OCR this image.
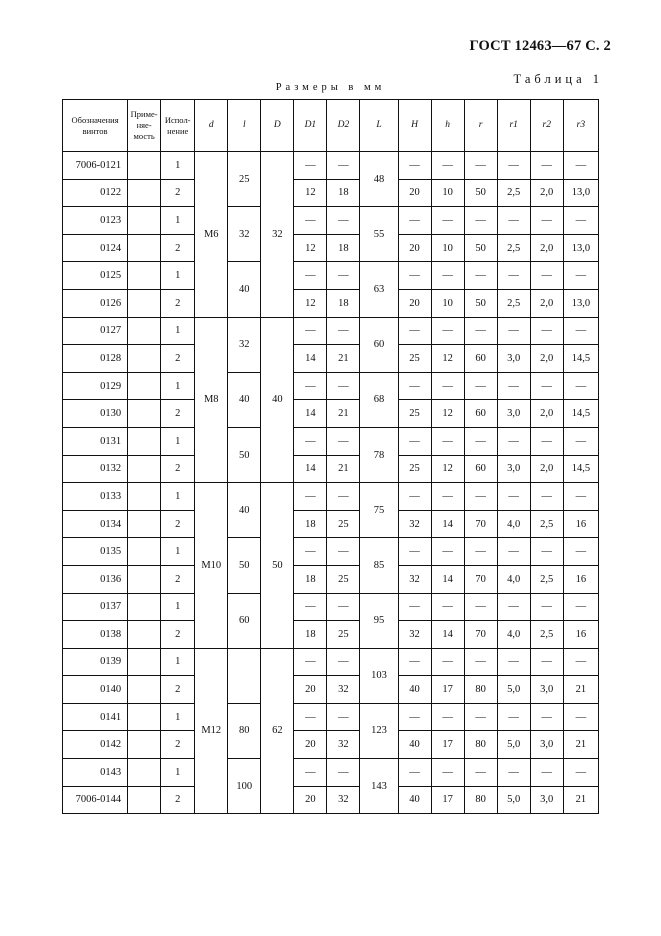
ГОСТ 12463—67 С. 2
Таблица 1
Размеры в мм
Обозначения винтов	Приме-няе-мость	Испол-нение	d	l	D	D1	D2	L	H	h	r	r1	r2	r3
7006-0121		1	M6	25	32	—	—	48	—	—	—	—	—	—
0122		2				12	18		20	10	50	2,5	2,0	13,0
0123		1		32		—	—	55	—	—	—	—	—	—
0124		2				12	18		20	10	50	2,5	2,0	13,0
0125		1		40		—	—	63	—	—	—	—	—	—
0126		2				12	18		20	10	50	2,5	2,0	13,0
0127		1	M8	32	40	—	—	60	—	—	—	—	—	—
0128		2				14	21		25	12	60	3,0	2,0	14,5
0129		1		40		—	—	68	—	—	—	—	—	—
0130		2				14	21		25	12	60	3,0	2,0	14,5
0131		1		50		—	—	78	—	—	—	—	—	—
0132		2				14	21		25	12	60	3,0	2,0	14,5
0133		1	M10	40	50	—	—	75	—	—	—	—	—	—
0134		2				18	25		32	14	70	4,0	2,5	16
0135		1		50		—	—	85	—	—	—	—	—	—
0136		2				18	25		32	14	70	4,0	2,5	16
0137		1		60		—	—	95	—	—	—	—	—	—
0138		2				18	25		32	14	70	4,0	2,5	16
0139		1	M12		62	—	—	103	—	—	—	—	—	—
0140		2				20	32		40	17	80	5,0	3,0	21
0141		1		80		—	—	123	—	—	—	—	—	—
0142		2				20	32		40	17	80	5,0	3,0	21
0143		1		100		—	—	143	—	—	—	—	—	—
7006-0144		2				20	32		40	17	80	5,0	3,0	21
